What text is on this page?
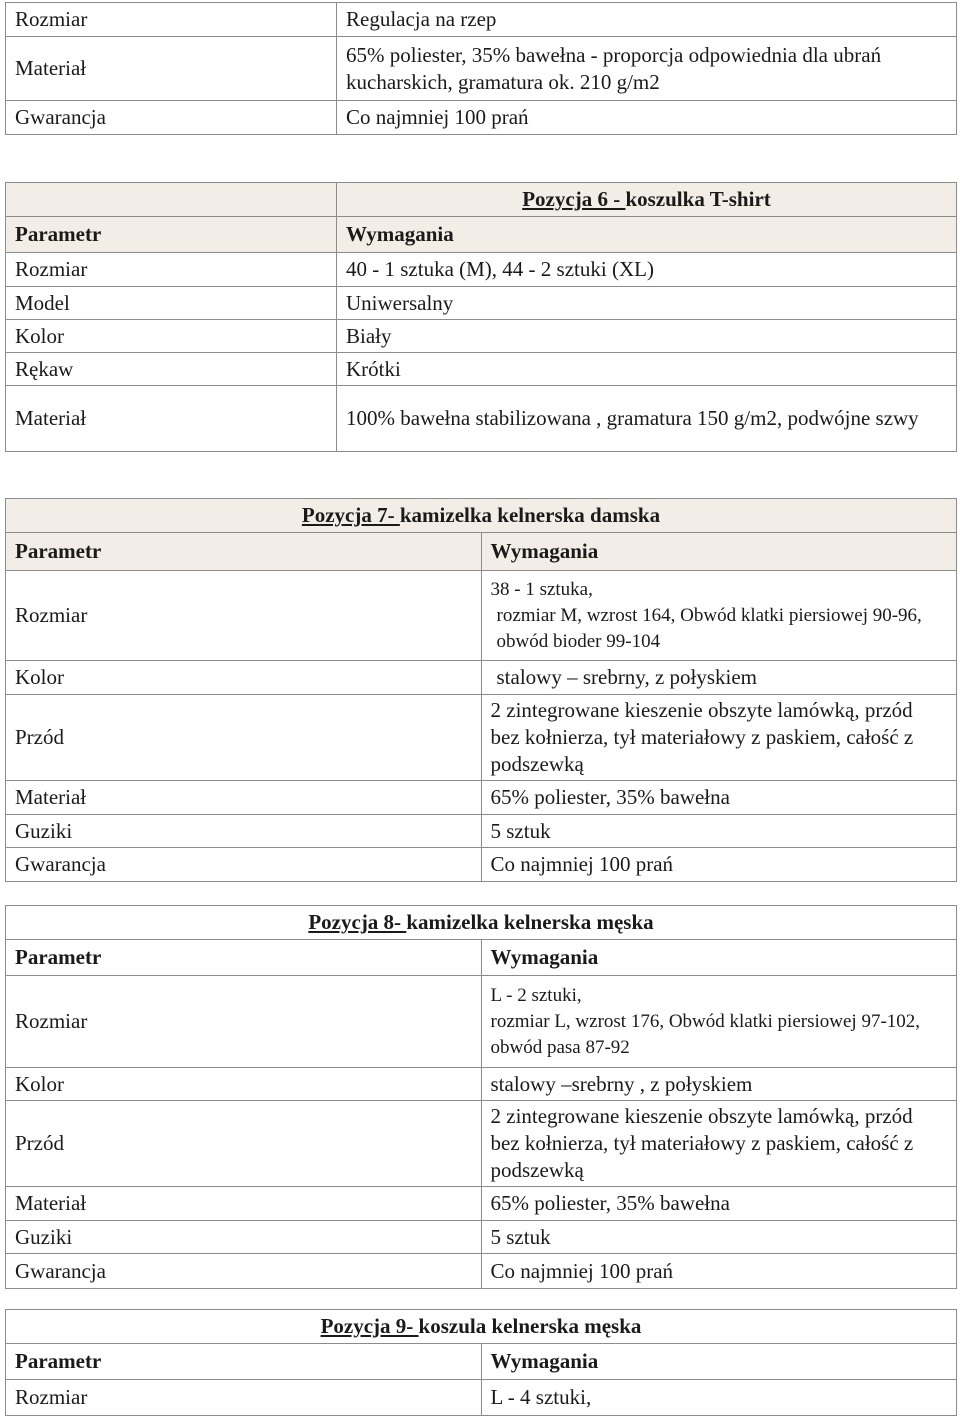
Rozmiar	Regulacja na rzep
Materiał	65% poliester, 35% bawełna - proporcja odpowiednia dla ubrań kucharskich, gramatura ok. 210 g/m2
Gwarancja	Co najmniej 100 prań
	Pozycja 6 - koszulka T-shirt
Parametr	Wymagania
Rozmiar	40 - 1 sztuka (M), 44 - 2 sztuki (XL)
Model	Uniwersalny
Kolor	Biały
Rękaw	Krótki
Materiał	100% bawełna stabilizowana , gramatura 150 g/m2, podwójne szwy
Pozycja 7- kamizelka kelnerska damska	
Parametr	Wymagania
Rozmiar	38 - 1 sztuka,
rozmiar M, wzrost 164, Obwód klatki piersiowej 90-96, obwód bioder 99-104

Kolor	stalowy – srebrny, z połyskiem
Przód	2 zintegrowane kieszenie obszyte lamówką, przód bez kołnierza, tył materiałowy z paskiem, całość z podszewką
Materiał	65% poliester, 35% bawełna
Guziki	5 sztuk
Gwarancja	Co najmniej 100 prań
Pozycja 8- kamizelka kelnerska męska	
Parametr	Wymagania
Rozmiar	L - 2 sztuki,
rozmiar L, wzrost 176, Obwód klatki piersiowej 97-102, obwód pasa 87-92

Kolor	stalowy –srebrny , z połyskiem
Przód	2 zintegrowane kieszenie obszyte lamówką, przód bez kołnierza, tył materiałowy z paskiem, całość z podszewką
Materiał	65% poliester, 35% bawełna
Guziki	5 sztuk
Gwarancja	Co najmniej 100 prań
Pozycja 9- koszula kelnerska męska	
Parametr	Wymagania
Rozmiar	L - 4 sztuki,
